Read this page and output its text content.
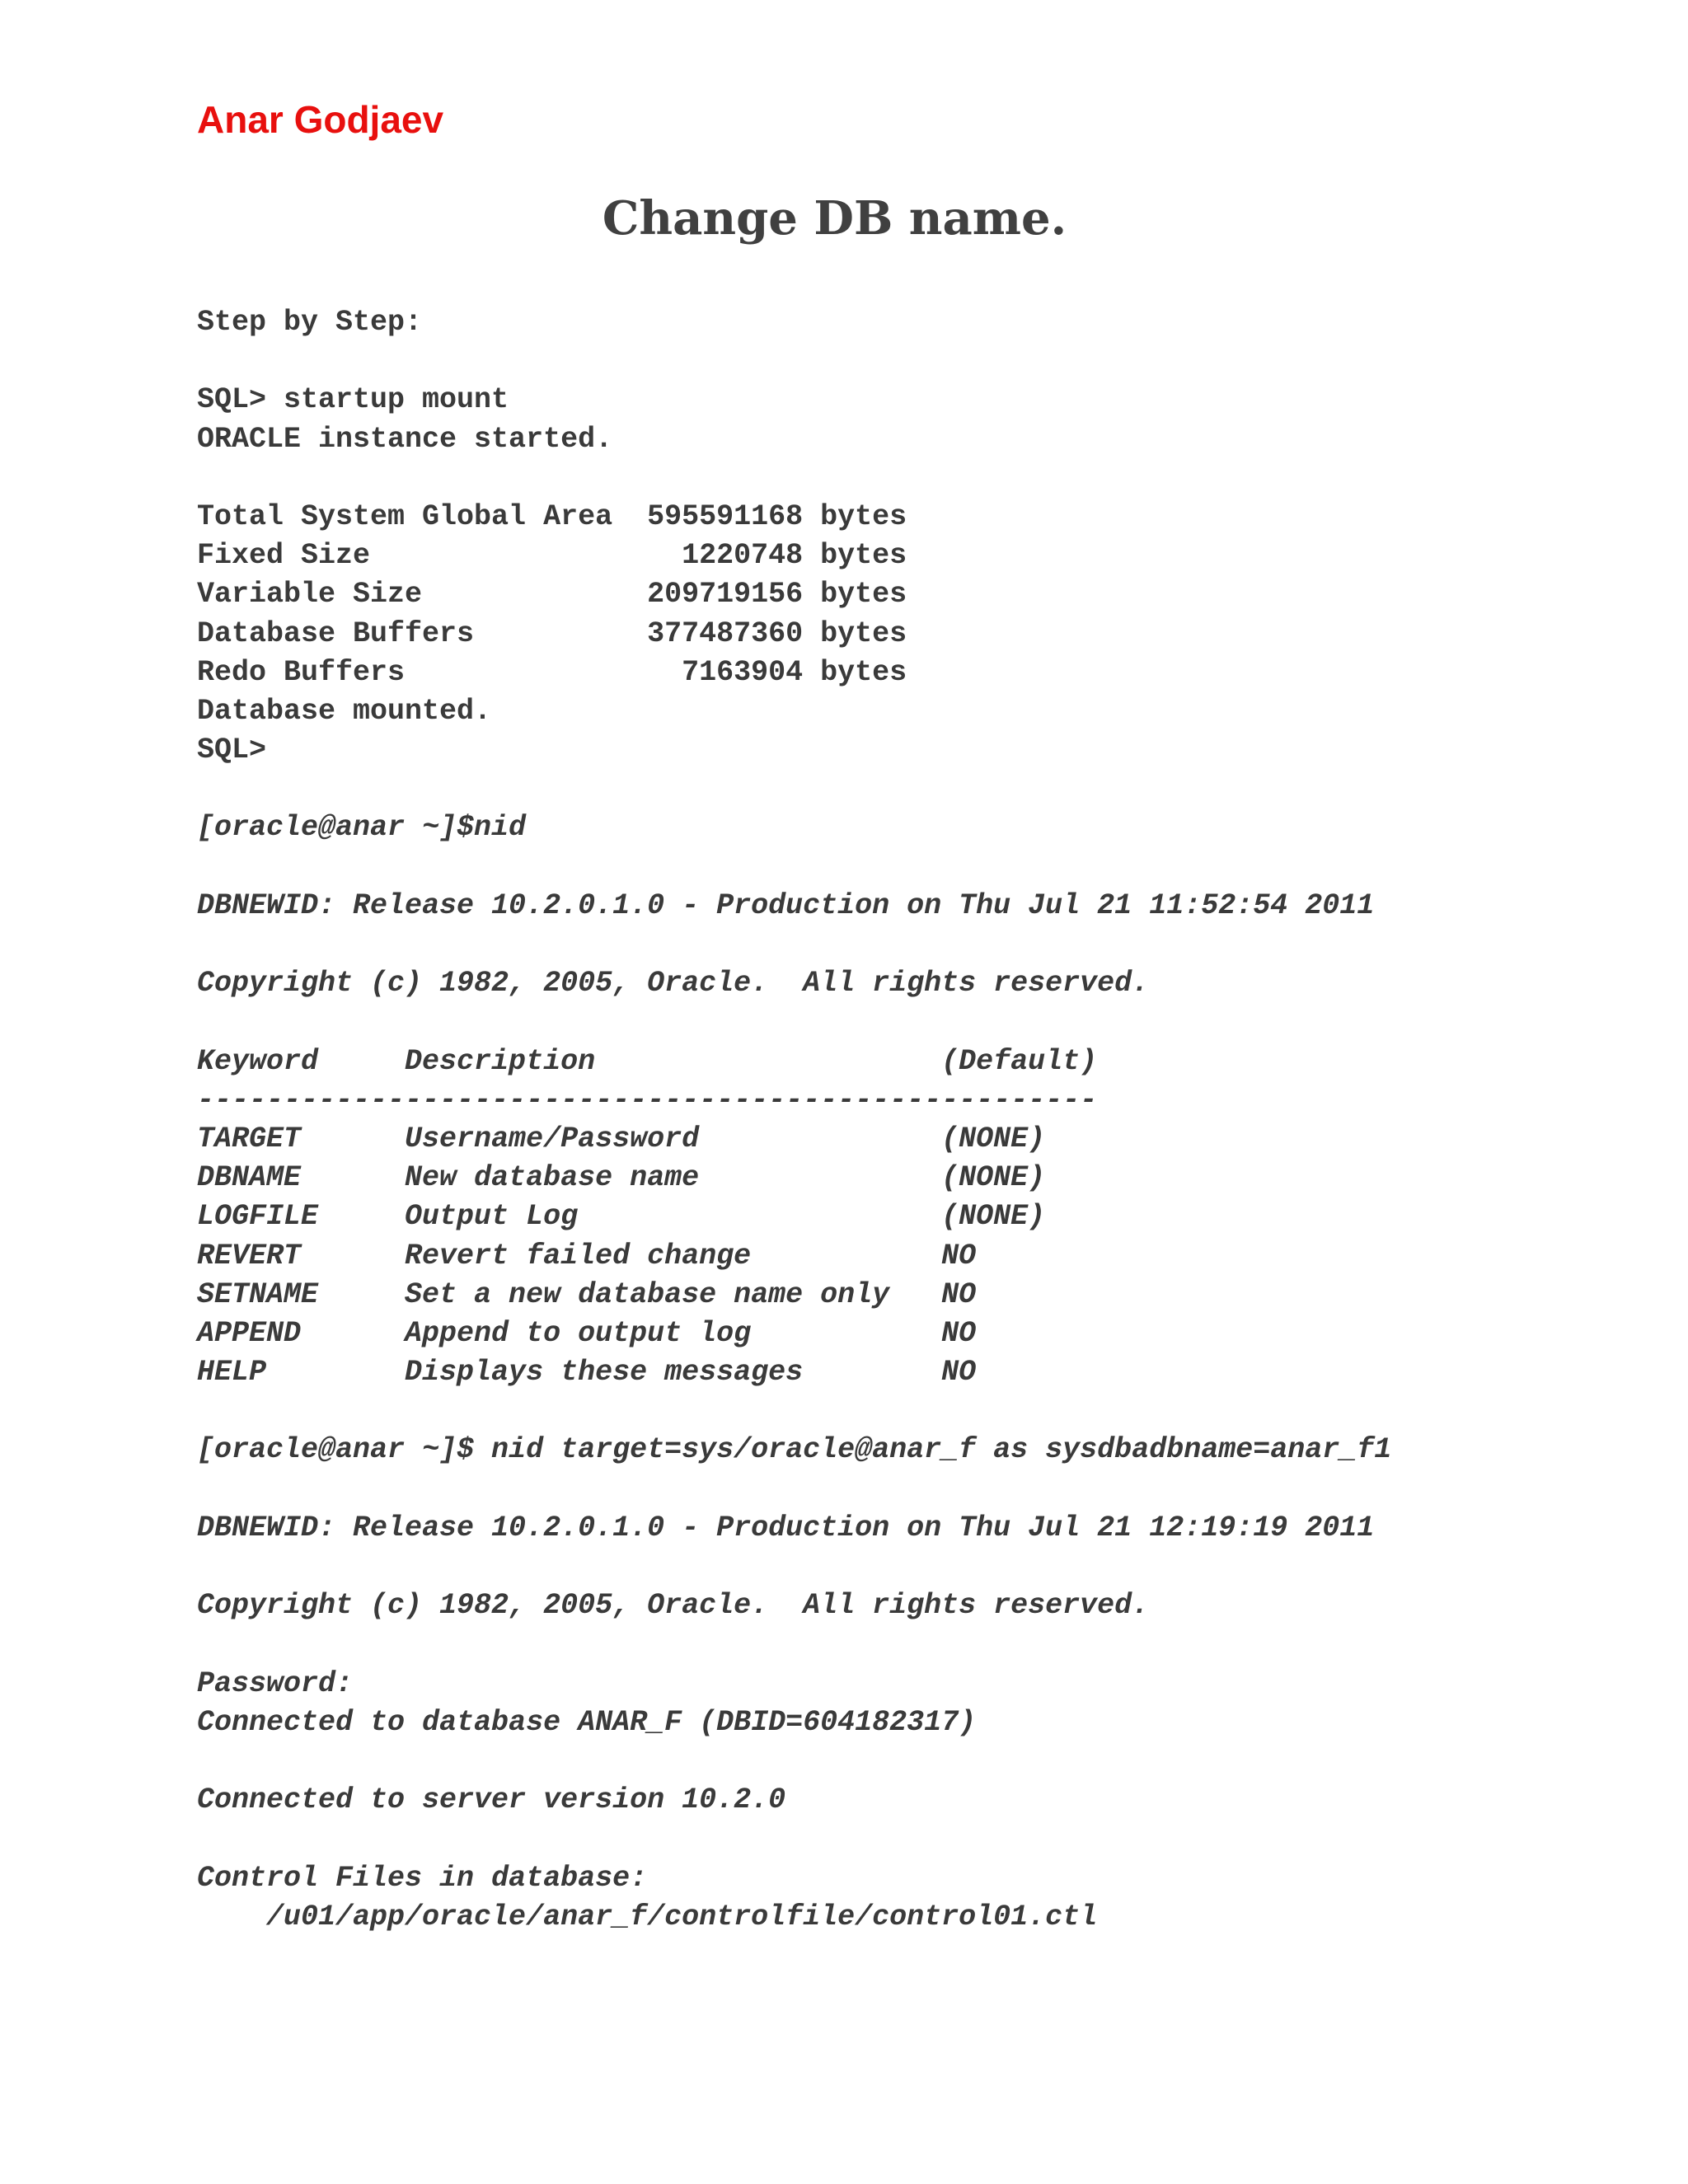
Anar Godjaev
Change DB name.
Step by Step:
SQL> startup mount
ORACLE instance started.
Total System Global Area  595591168 bytes
Fixed Size                  1220748 bytes
Variable Size             209719156 bytes
Database Buffers          377487360 bytes
Redo Buffers                7163904 bytes
Database mounted.
SQL>
[oracle@anar ~]$nid
DBNEWID: Release 10.2.0.1.0 - Production on Thu Jul 21 11:52:54 2011
Copyright (c) 1982, 2005, Oracle.  All rights reserved.
Keyword     Description                    (Default)
----------------------------------------------------
TARGET      Username/Password              (NONE)
DBNAME      New database name              (NONE)
LOGFILE     Output Log                     (NONE)
REVERT      Revert failed change           NO
SETNAME     Set a new database name only   NO
APPEND      Append to output log           NO
HELP        Displays these messages        NO
[oracle@anar ~]$ nid target=sys/oracle@anar_f as sysdbadbname=anar_f1
DBNEWID: Release 10.2.0.1.0 - Production on Thu Jul 21 12:19:19 2011
Copyright (c) 1982, 2005, Oracle.  All rights reserved.
Password:
Connected to database ANAR_F (DBID=604182317)
Connected to server version 10.2.0
Control Files in database:
/u01/app/oracle/anar_f/controlfile/control01.ctl
